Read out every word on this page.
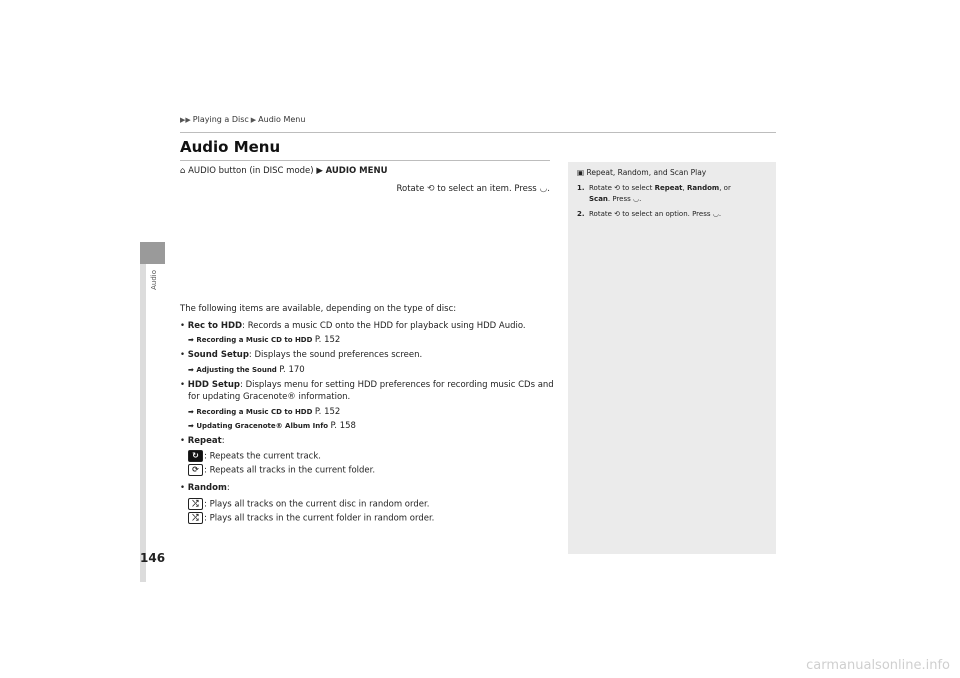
▶▶ Playing a Disc ▶ Audio Menu
Audio
Audio Menu
⌂ AUDIO button (in DISC mode) ▶ AUDIO MENU
Rotate ⟲ to select an item. Press ◡.

The following items are available, depending on the type of disc:

• Rec to HDD: Records a music CD onto the HDD for playback using HDD Audio.
➡ Recording a Music CD to HDD P. 152
• Sound Setup: Displays the sound preferences screen.
➡ Adjusting the Sound P. 170
• HDD Setup: Displays menu for setting HDD preferences for recording music CDs and for updating Gracenote® information.
➡ Recording a Music CD to HDD P. 152
➡ Updating Gracenote® Album Info P. 158
• Repeat:
↻ : Repeats the current track.
⟳ : Repeats all tracks in the current folder.
• Random:
⤮ : Plays all tracks on the current disc in random order.
⤮ : Plays all tracks in the current folder in random order.
▣ Repeat, Random, and Scan Play
1. Rotate ⟲ to select Repeat, Random, or
Scan. Press ◡.
2. Rotate ⟲ to select an option. Press ◡.
146
carmanualsonline.info
